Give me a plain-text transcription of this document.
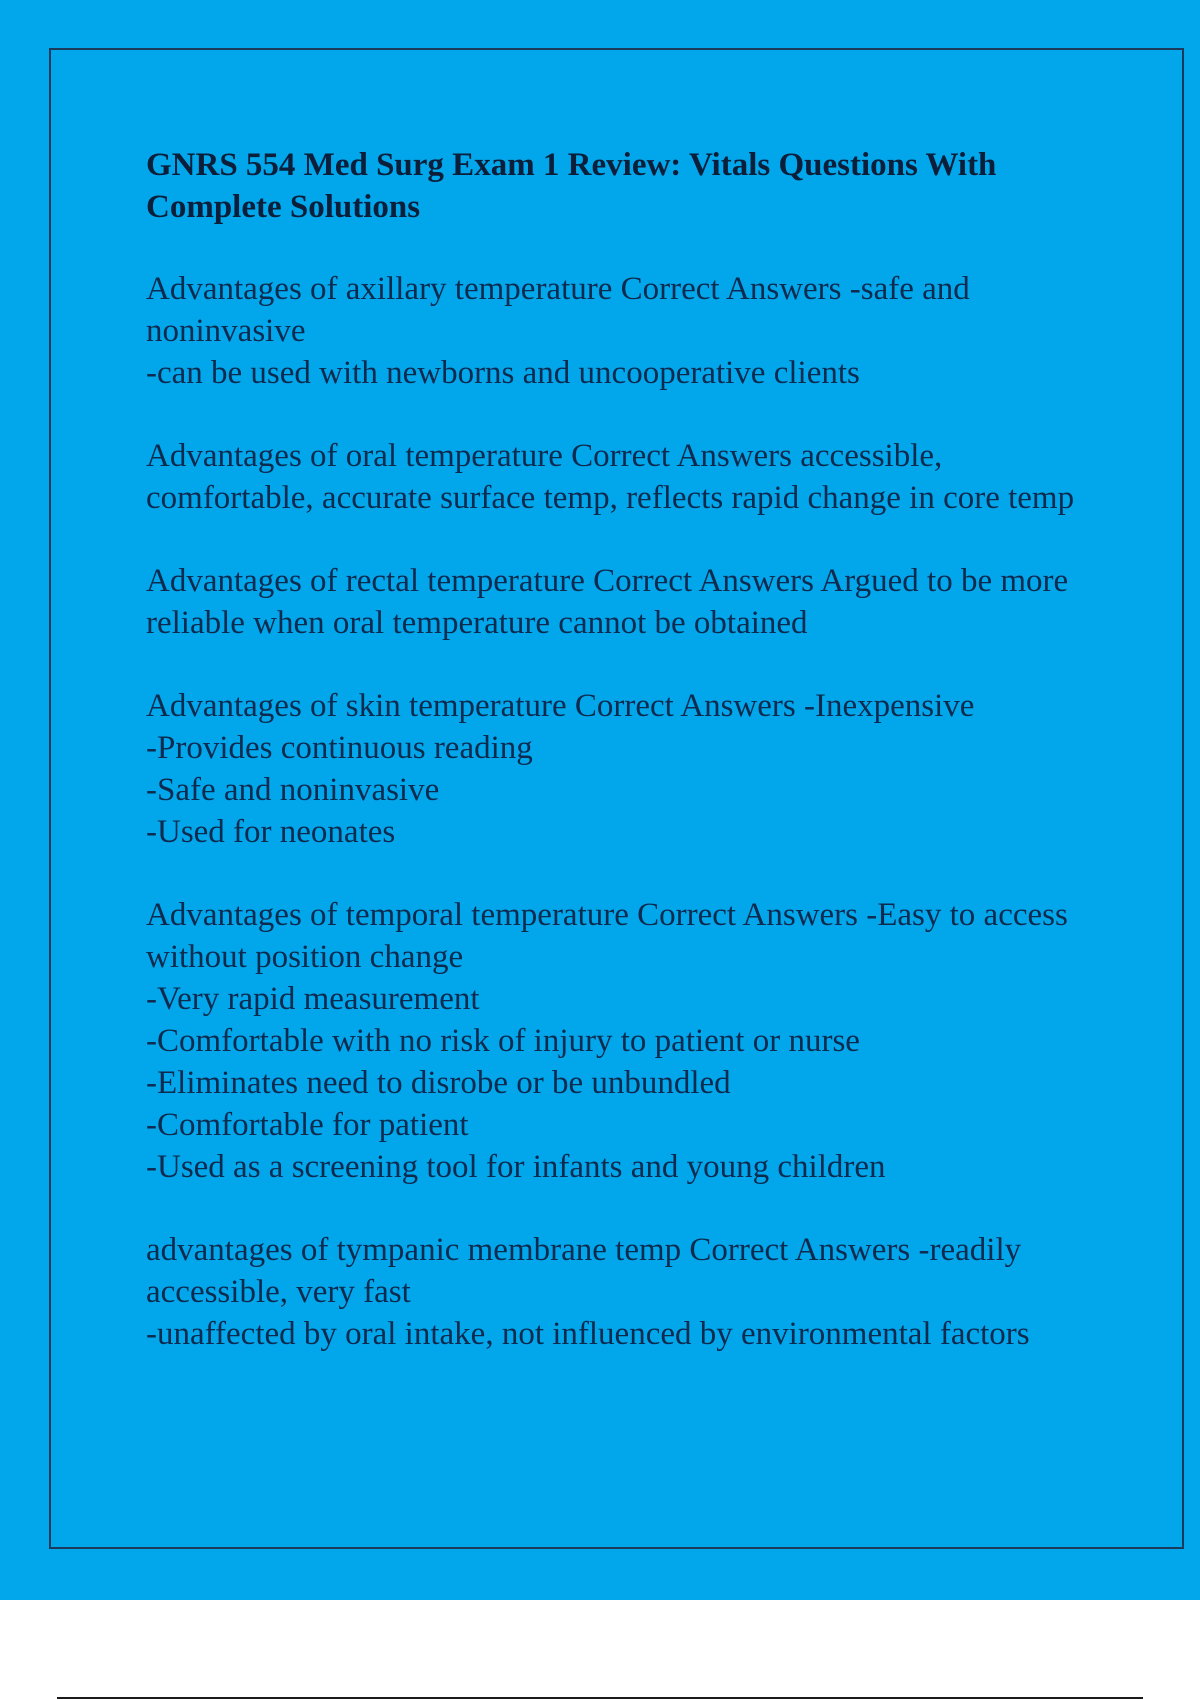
GNRS 554 Med Surg Exam 1 Review: Vitals Questions With Complete Solutions
Advantages of axillary temperature Correct Answers -safe and noninvasive
-can be used with newborns and uncooperative clients
Advantages of oral temperature Correct Answers accessible, comfortable, accurate surface temp, reflects rapid change in core temp
Advantages of rectal temperature Correct Answers Argued to be more reliable when oral temperature cannot be obtained
Advantages of skin temperature Correct Answers -Inexpensive
-Provides continuous reading
-Safe and noninvasive
-Used for neonates
Advantages of temporal temperature Correct Answers -Easy to access without position change
-Very rapid measurement
-Comfortable with no risk of injury to patient or nurse
-Eliminates need to disrobe or be unbundled
-Comfortable for patient
-Used as a screening tool for infants and young children
advantages of tympanic membrane temp Correct Answers -readily accessible, very fast
-unaffected by oral intake, not influenced by environmental factors
